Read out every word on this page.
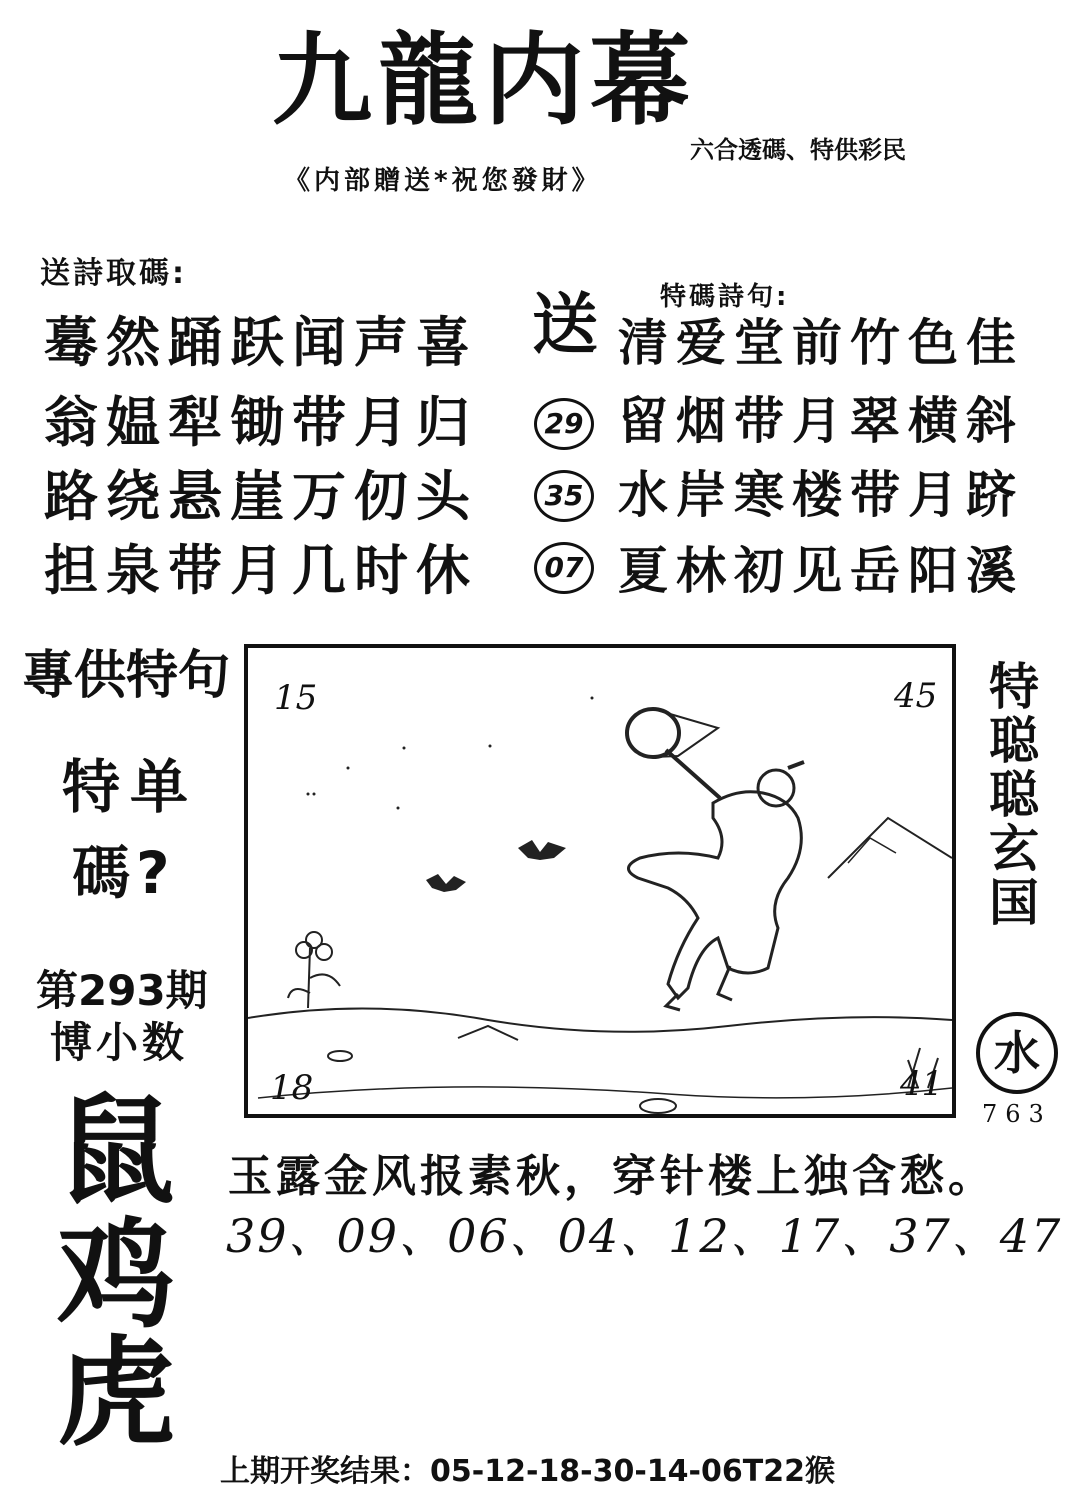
九龍内幕
六合透碼、特供彩民
《内部贈送*祝您發財》
送詩取碼:
蓦然踊跃闻声喜
翁媪犁锄带月归
路绕悬崖万仞头
担泉带月几时休
特碼詩句:
送 清爱堂前竹色佳
29 留烟带月翠横斜
35 水岸寒楼带月跻
07 夏林初见岳阳溪
專供特句
特单
碼?
第293期
博小数
15	45
18	41
特
聪
聪
玄
国
水
763
玉露金风报素秋，穿针楼上独含愁。
39、09、06、04、12、17、37、47
鼠
鸡
虎
上期开奖结果：05-12-18-30-14-06T22猴
